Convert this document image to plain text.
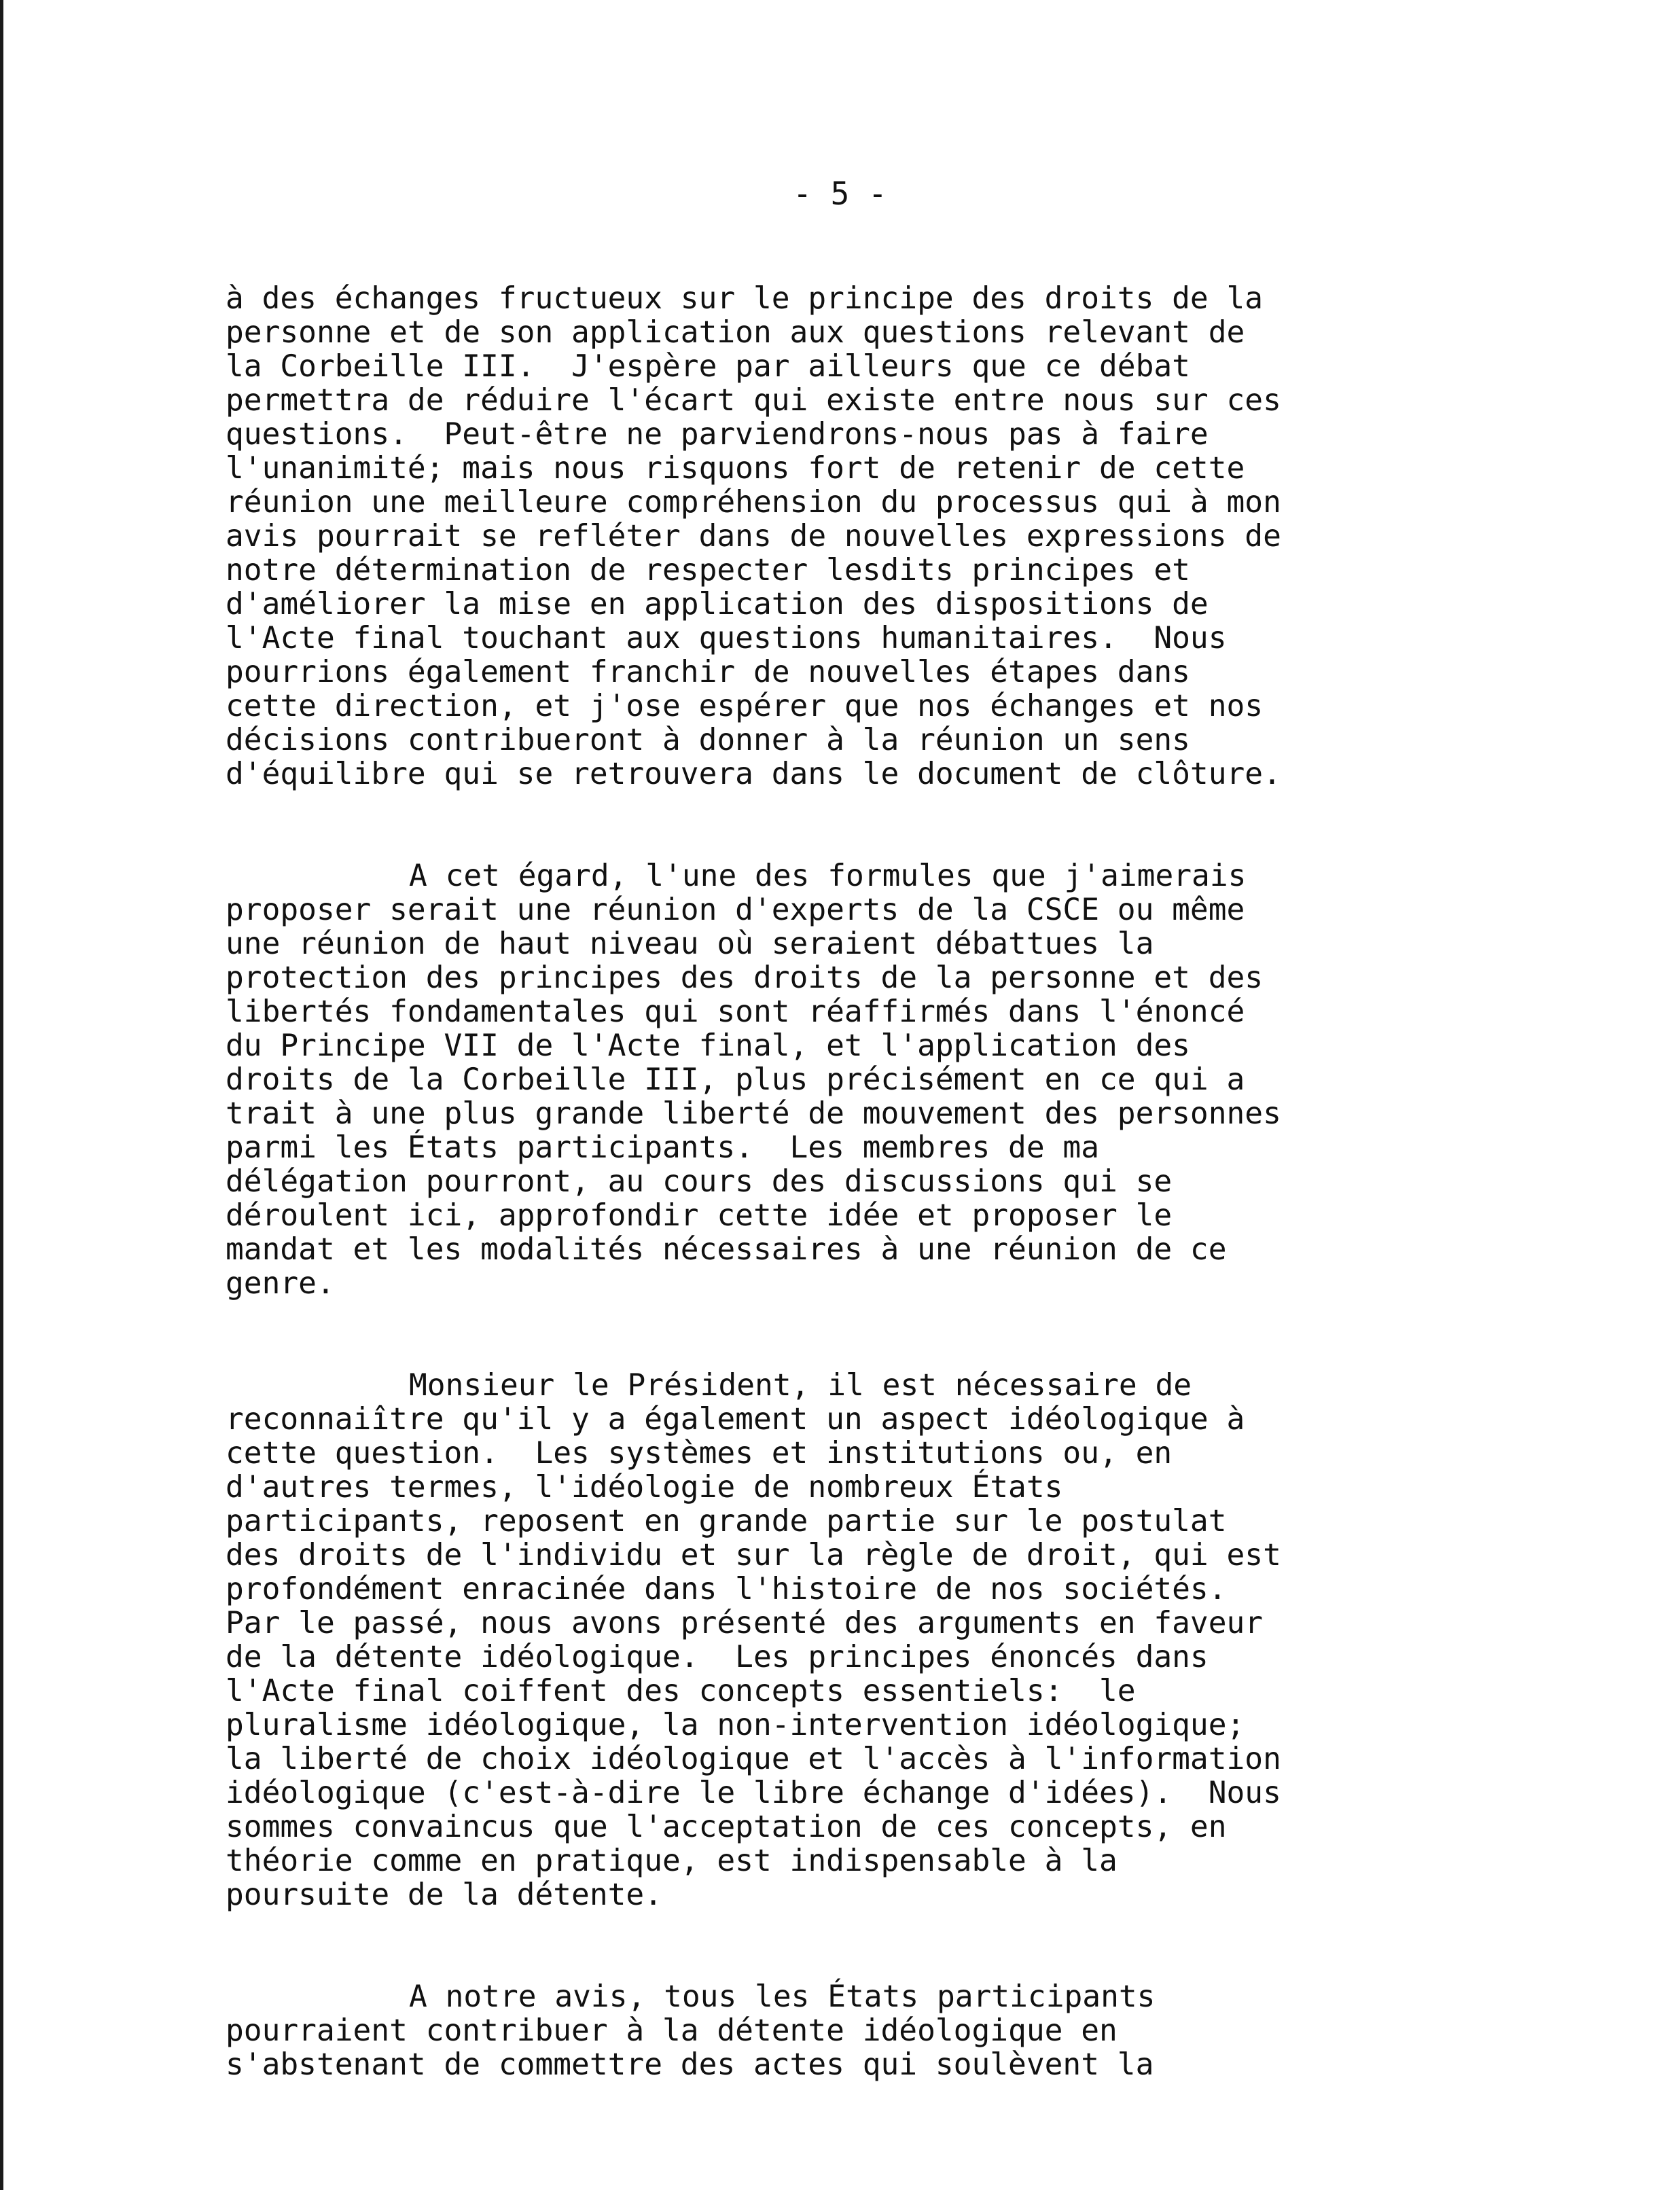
- 5 -
à des échanges fructueux sur le principe des droits de la
personne et de son application aux questions relevant de
la Corbeille III.  J'espère par ailleurs que ce débat
permettra de réduire l'écart qui existe entre nous sur ces
questions.  Peut-être ne parviendrons-nous pas à faire
l'unanimité; mais nous risquons fort de retenir de cette
réunion une meilleure compréhension du processus qui à mon
avis pourrait se refléter dans de nouvelles expressions de
notre détermination de respecter lesdits principes et
d'améliorer la mise en application des dispositions de
l'Acte final touchant aux questions humanitaires.  Nous
pourrions également franchir de nouvelles étapes dans
cette direction, et j'ose espérer que nos échanges et nos
décisions contribueront à donner à la réunion un sens
d'équilibre qui se retrouvera dans le document de clôture.
A cet égard, l'une des formules que j'aimerais
proposer serait une réunion d'experts de la CSCE ou même
une réunion de haut niveau où seraient débattues la
protection des principes des droits de la personne et des
libertés fondamentales qui sont réaffirmés dans l'énoncé
du Principe VII de l'Acte final, et l'application des
droits de la Corbeille III, plus précisément en ce qui a
trait à une plus grande liberté de mouvement des personnes
parmi les États participants.  Les membres de ma
délégation pourront, au cours des discussions qui se
déroulent ici, approfondir cette idée et proposer le
mandat et les modalités nécessaires à une réunion de ce
genre.
Monsieur le Président, il est nécessaire de
reconnaiître qu'il y a également un aspect idéologique à
cette question.  Les systèmes et institutions ou, en
d'autres termes, l'idéologie de nombreux États
participants, reposent en grande partie sur le postulat
des droits de l'individu et sur la règle de droit, qui est
profondément enracinée dans l'histoire de nos sociétés.
Par le passé, nous avons présenté des arguments en faveur
de la détente idéologique.  Les principes énoncés dans
l'Acte final coiffent des concepts essentiels:  le
pluralisme idéologique, la non-intervention idéologique;
la liberté de choix idéologique et l'accès à l'information
idéologique (c'est-à-dire le libre échange d'idées).  Nous
sommes convaincus que l'acceptation de ces concepts, en
théorie comme en pratique, est indispensable à la
poursuite de la détente.
A notre avis, tous les États participants
pourraient contribuer à la détente idéologique en
s'abstenant de commettre des actes qui soulèvent la
